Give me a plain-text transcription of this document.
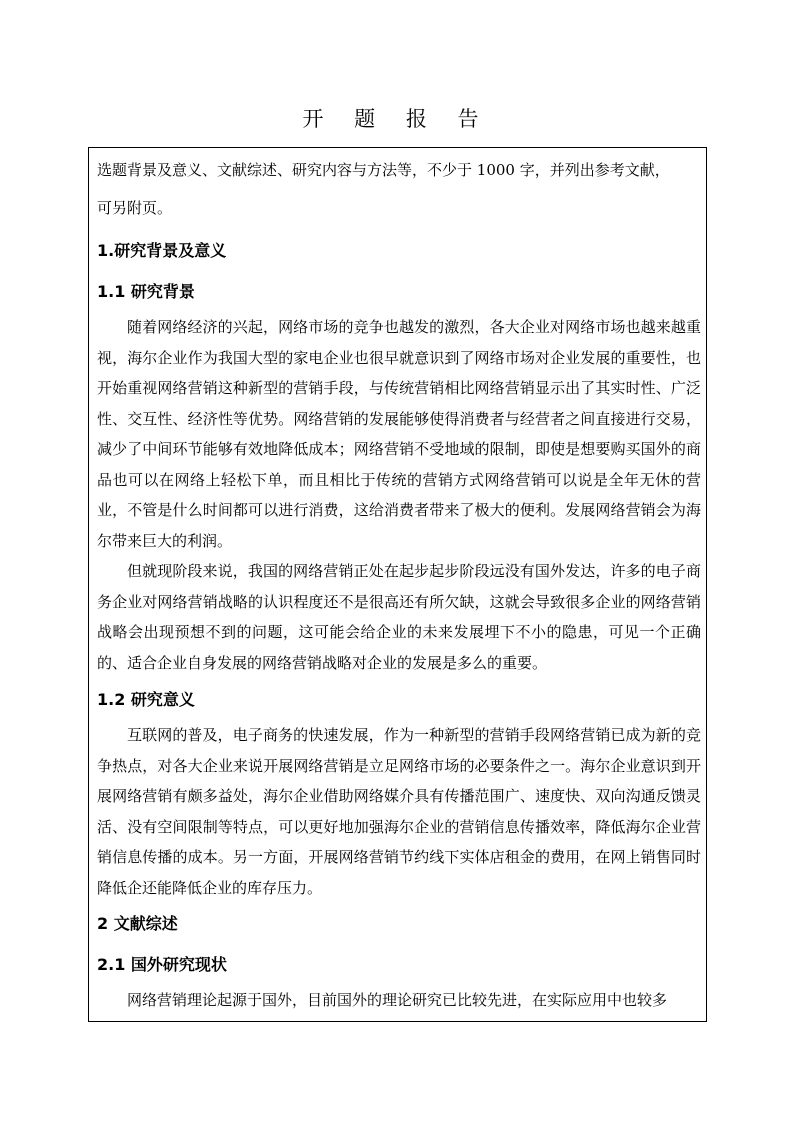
开 题 报 告

选题背景及意义、文献综述、研究内容与方法等，不少于 1000 字，并列出参考文献，

可另附页。

1.研究背景及意义
1.1 研究背景

随着网络经济的兴起，网络市场的竞争也越发的激烈，各大企业对网络市场也越来越重视，海尔企业作为我国大型的家电企业也很早就意识到了网络市场对企业发展的重要性，也开始重视网络营销这种新型的营销手段，与传统营销相比网络营销显示出了其实时性、广泛性、交互性、经济性等优势。网络营销的发展能够使得消费者与经营者之间直接进行交易，减少了中间环节能够有效地降低成本；网络营销不受地域的限制，即使是想要购买国外的商品也可以在网络上轻松下单，而且相比于传统的营销方式网络营销可以说是全年无休的营业，不管是什么时间都可以进行消费，这给消费者带来了极大的便利。发展网络营销会为海尔带来巨大的利润。

但就现阶段来说，我国的网络营销正处在起步起步阶段远没有国外发达，许多的电子商务企业对网络营销战略的认识程度还不是很高还有所欠缺，这就会导致很多企业的网络营销战略会出现预想不到的问题，这可能会给企业的未来发展埋下不小的隐患，可见一个正确的、适合企业自身发展的网络营销战略对企业的发展是多么的重要。

1.2 研究意义

互联网的普及，电子商务的快速发展，作为一种新型的营销手段网络营销已成为新的竞争热点，对各大企业来说开展网络营销是立足网络市场的必要条件之一。海尔企业意识到开展网络营销有颇多益处，海尔企业借助网络媒介具有传播范围广、速度快、双向沟通反馈灵活、没有空间限制等特点，可以更好地加强海尔企业的营销信息传播效率，降低海尔企业营销信息传播的成本。另一方面，开展网络营销节约线下实体店租金的费用，在网上销售同时降低企还能降低企业的库存压力。

2 文献综述
2.1 国外研究现状

网络营销理论起源于国外，目前国外的理论研究已比较先进，在实际应用中也较多
